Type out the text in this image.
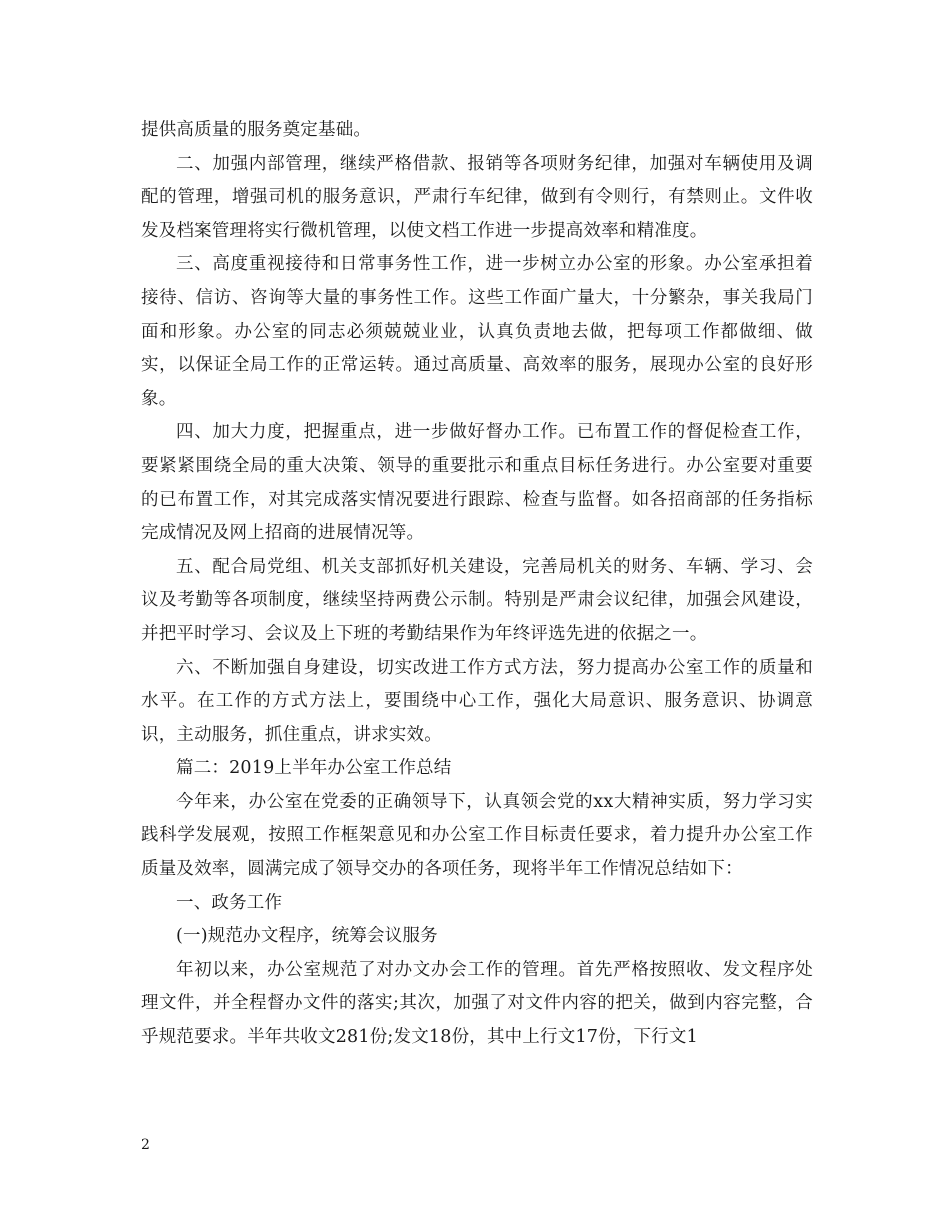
提供高质量的服务奠定基础。

二、加强内部管理，继续严格借款、报销等各项财务纪律，加强对车辆使用及调配的管理，增强司机的服务意识，严肃行车纪律，做到有令则行，有禁则止。文件收发及档案管理将实行微机管理，以使文档工作进一步提高效率和精准度。

三、高度重视接待和日常事务性工作，进一步树立办公室的形象。办公室承担着接待、信访、咨询等大量的事务性工作。这些工作面广量大，十分繁杂，事关我局门面和形象。办公室的同志必须兢兢业业，认真负责地去做，把每项工作都做细、做实，以保证全局工作的正常运转。通过高质量、高效率的服务，展现办公室的良好形象。

四、加大力度，把握重点，进一步做好督办工作。已布置工作的督促检查工作，要紧紧围绕全局的重大决策、领导的重要批示和重点目标任务进行。办公室要对重要的已布置工作，对其完成落实情况要进行跟踪、检查与监督。如各招商部的任务指标完成情况及网上招商的进展情况等。

五、配合局党组、机关支部抓好机关建设，完善局机关的财务、车辆、学习、会议及考勤等各项制度，继续坚持两费公示制。特别是严肃会议纪律，加强会风建设，并把平时学习、会议及上下班的考勤结果作为年终评选先进的依据之一。

六、不断加强自身建设，切实改进工作方式方法，努力提高办公室工作的质量和水平。在工作的方式方法上，要围绕中心工作，强化大局意识、服务意识、协调意识，主动服务，抓住重点，讲求实效。

篇二：2019上半年办公室工作总结

今年来，办公室在党委的正确领导下，认真领会党的xx大精神实质，努力学习实践科学发展观，按照工作框架意见和办公室工作目标责任要求，着力提升办公室工作质量及效率，圆满完成了领导交办的各项任务，现将半年工作情况总结如下：

一、政务工作

(一)规范办文程序，统筹会议服务

年初以来，办公室规范了对办文办会工作的管理。首先严格按照收、发文程序处理文件，并全程督办文件的落实;其次，加强了对文件内容的把关，做到内容完整，合乎规范要求。半年共收文281份;发文18份，其中上行文17份，下行文1

2
